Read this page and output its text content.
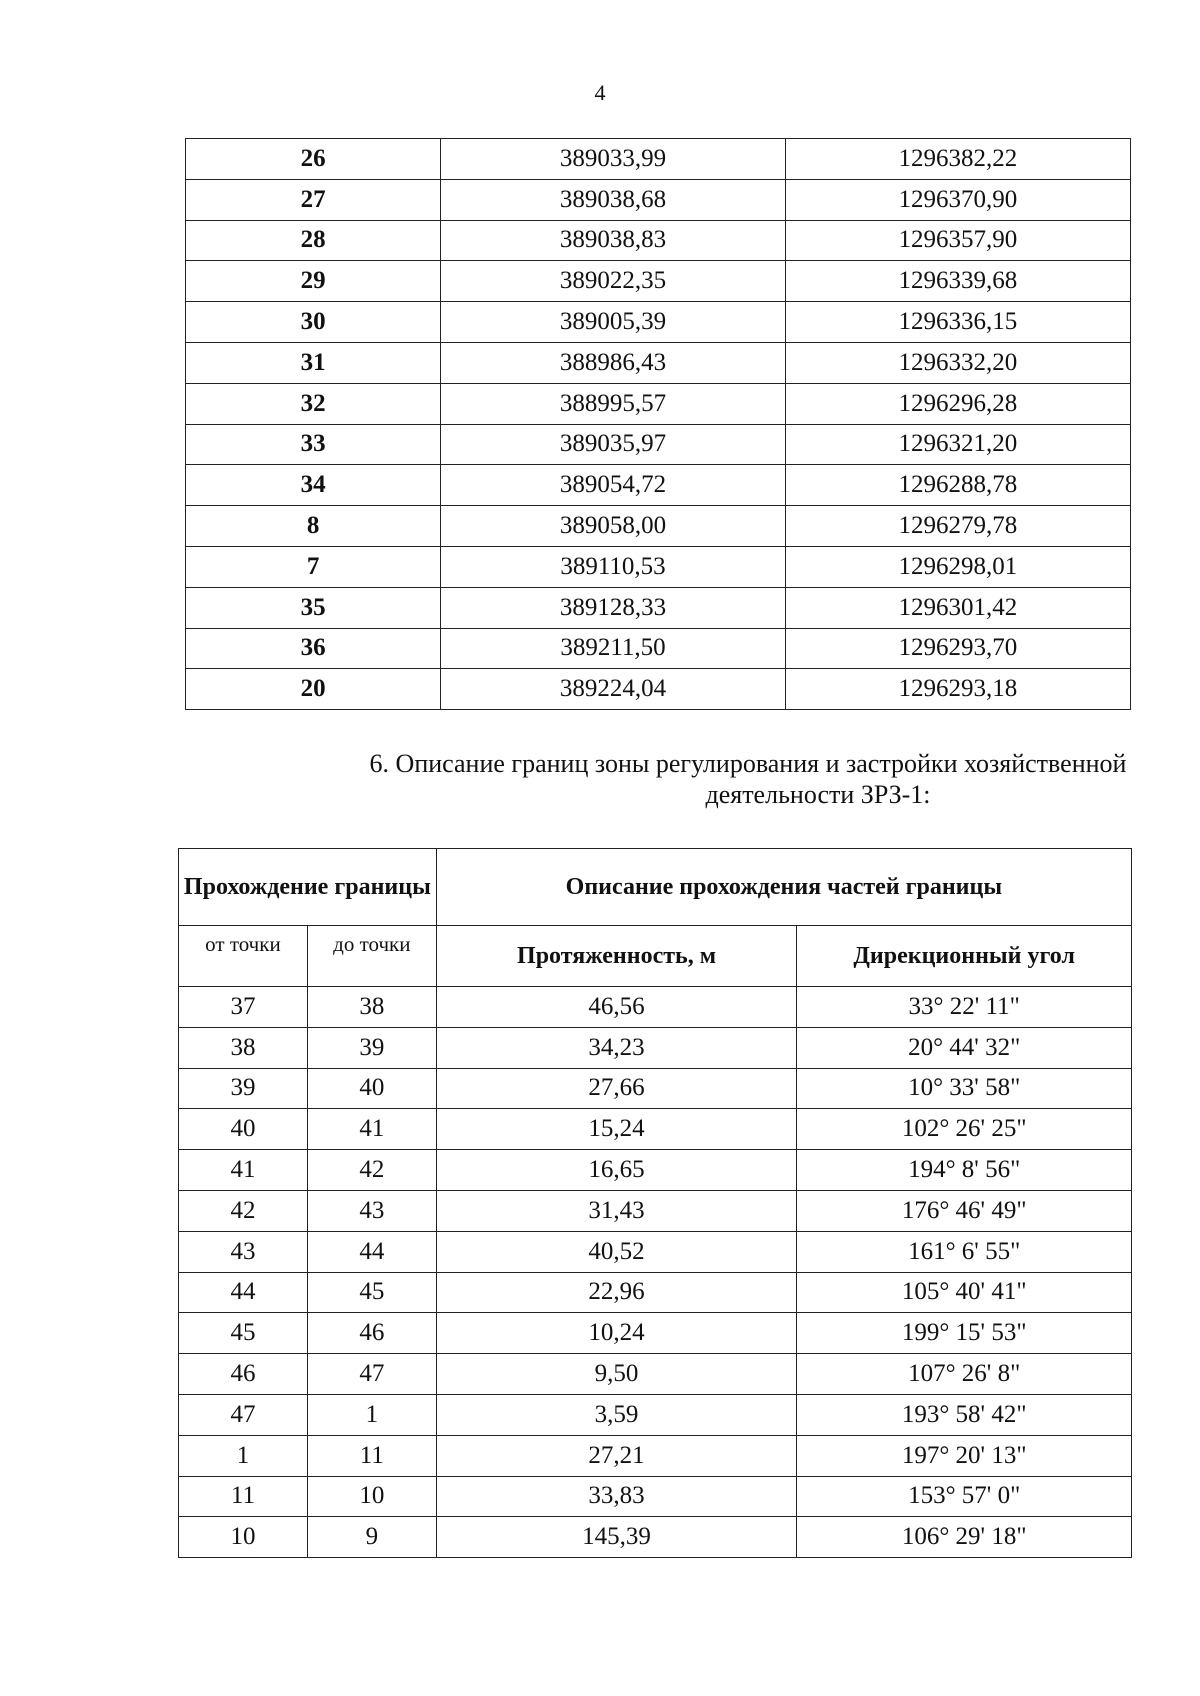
4
26	389033,99	1296382,22
27	389038,68	1296370,90
28	389038,83	1296357,90
29	389022,35	1296339,68
30	389005,39	1296336,15
31	388986,43	1296332,20
32	388995,57	1296296,28
33	389035,97	1296321,20
34	389054,72	1296288,78
8	389058,00	1296279,78
7	389110,53	1296298,01
35	389128,33	1296301,42
36	389211,50	1296293,70
20	389224,04	1296293,18
6. Описание границ зоны регулирования и застройки хозяйственной
деятельности ЗРЗ-1:
Прохождение границы		Описание прохождения частей границы	
от точки	до точки	Протяженность, м	Дирекционный угол
37	38	46,56	33° 22' 11"
38	39	34,23	20° 44' 32"
39	40	27,66	10° 33' 58"
40	41	15,24	102° 26' 25"
41	42	16,65	194° 8' 56"
42	43	31,43	176° 46' 49"
43	44	40,52	161° 6' 55"
44	45	22,96	105° 40' 41"
45	46	10,24	199° 15' 53"
46	47	9,50	107° 26' 8"
47	1	3,59	193° 58' 42"
1	11	27,21	197° 20' 13"
11	10	33,83	153° 57' 0"
10	9	145,39	106° 29' 18"
